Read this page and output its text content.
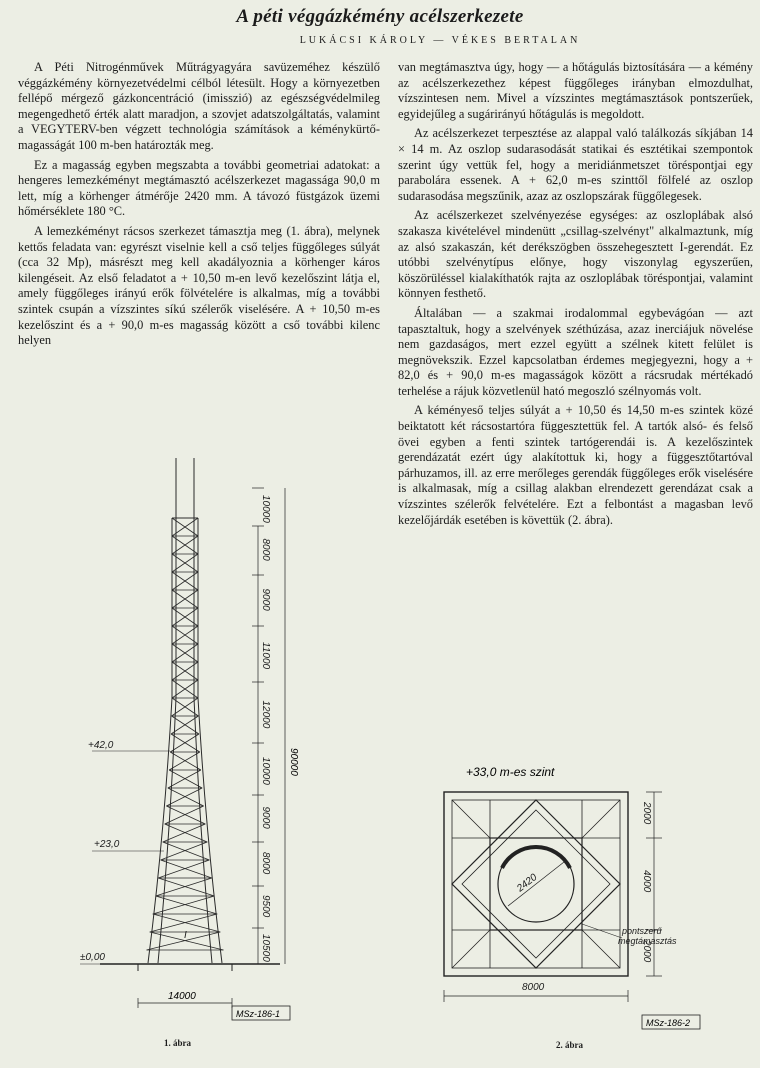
A péti véggázkémény acélszerkezete
LUKÁCSI KÁROLY — VÉKES BERTALAN

A Péti Nitrogénművek Műtrágyagyára savüzeméhez készülő véggázkémény környezetvédelmi célból létesült. Hogy a környezetben fellépő mérgező gázkoncentráció (imisszió) az egészségvédelmileg megengedhető érték alatt maradjon, a szovjet adatszolgáltatás, valamint a VEGYTERV-ben végzett technológia számítások a kéménykürtő-magasságát 100 m-ben határozták meg.

Ez a magasság egyben megszabta a további geometriai adatokat: a hengeres lemezkéményt megtámasztó acélszerkezet magassága 90,0 m lett, míg a körhenger átmérője 2420 mm. A távozó füstgázok üzemi hőmérséklete 180 °C.

A lemezkéményt rácsos szerkezet támasztja meg (1. ábra), melynek kettős feladata van: egyrészt viselnie kell a cső teljes függőleges súlyát (cca 32 Mp), másrészt meg kell akadályoznia a körhenger káros kilengéseit. Az első feladatot a + 10,50 m-en levő kezelőszint látja el, amely függőleges irányú erők fölvételére is alkalmas, míg a további szintek csupán a vízszintes síkú szélerők viselésére. A + 10,50 m-es kezelőszint és a + 90,0 m-es magasság között a cső további kilenc helyen

van megtámasztva úgy, hogy — a hőtágulás biztosítására — a kémény az acélszerkezethez képest függőleges irányban elmozdulhat, vízszintesen nem. Mivel a vízszintes megtámasztások pontszerűek, egyidejűleg a sugárirányú hőtágulás is megoldott.

Az acélszerkezet terpesztése az alappal való találkozás síkjában 14 × 14 m. Az oszlop sudarasodását statikai és esztétikai szempontok szerint úgy vettük fel, hogy a meridiánmetszet töréspontjai egy parabolára essenek. A + 62,0 m-es szinttől fölfelé az oszlop sudarasodása megszűnik, azaz az oszlopszárak függőlegesek.

Az acélszerkezet szelvényezése egységes: az oszloplábak alsó szakasza kivételével mindenütt „csillag-szelvényt" alkalmaztunk, míg az alsó szakaszán, két derékszögben összehegesztett I-gerendát. Ez utóbbi szelvénytípus előnye, hogy viszonylag egyszerűen, köszörüléssel kialakíthatók rajta az oszloplábak töréspontjai, valamint könnyen festhető.

Általában — a szakmai irodalommal egybevágóan — azt tapasztaltuk, hogy a szelvények széthúzása, azaz inerciájuk növelése nem gazdaságos, mert ezzel együtt a szélnek kitett felület is megnövekszik. Ezzel kapcsolatban érdemes megjegyezni, hogy a + 82,0 és + 90,0 m-es magasságok között a rácsrudak mértékadó terhelése a rájuk közvetlenül ható megoszló szélnyomás volt.

A kéményeső teljes súlyát a + 10,50 és 14,50 m-es szintek közé beiktatott két rácsostartóra függesztettük fel. A tartók alsó- és felső övei egyben a fenti szintek tartógerendái is. A kezelőszintek gerendázatát ezért úgy alakítottuk ki, hogy a függesztőtartóval párhuzamos, ill. az erre merőleges gerendák függőleges erők viselésére is alkalmasak, míg a csillag alakban elrendezett gerendázat csak a vízszintes szélerők felvételére. Ezt a felbontást a magasban levő kezelőjárdák esetében is követtük (2. ábra).

10000
8000
9000
11000
12000
10000
9000
8000
9500
10500
90000
+42,0
+23,0
±0,00
I
14000
MSz-186-1
1. ábra
+33,0 m-es szint
2420
2000
4000
2000
8000
pontszerű
megtámasztás
MSz-186-2
2. ábra
